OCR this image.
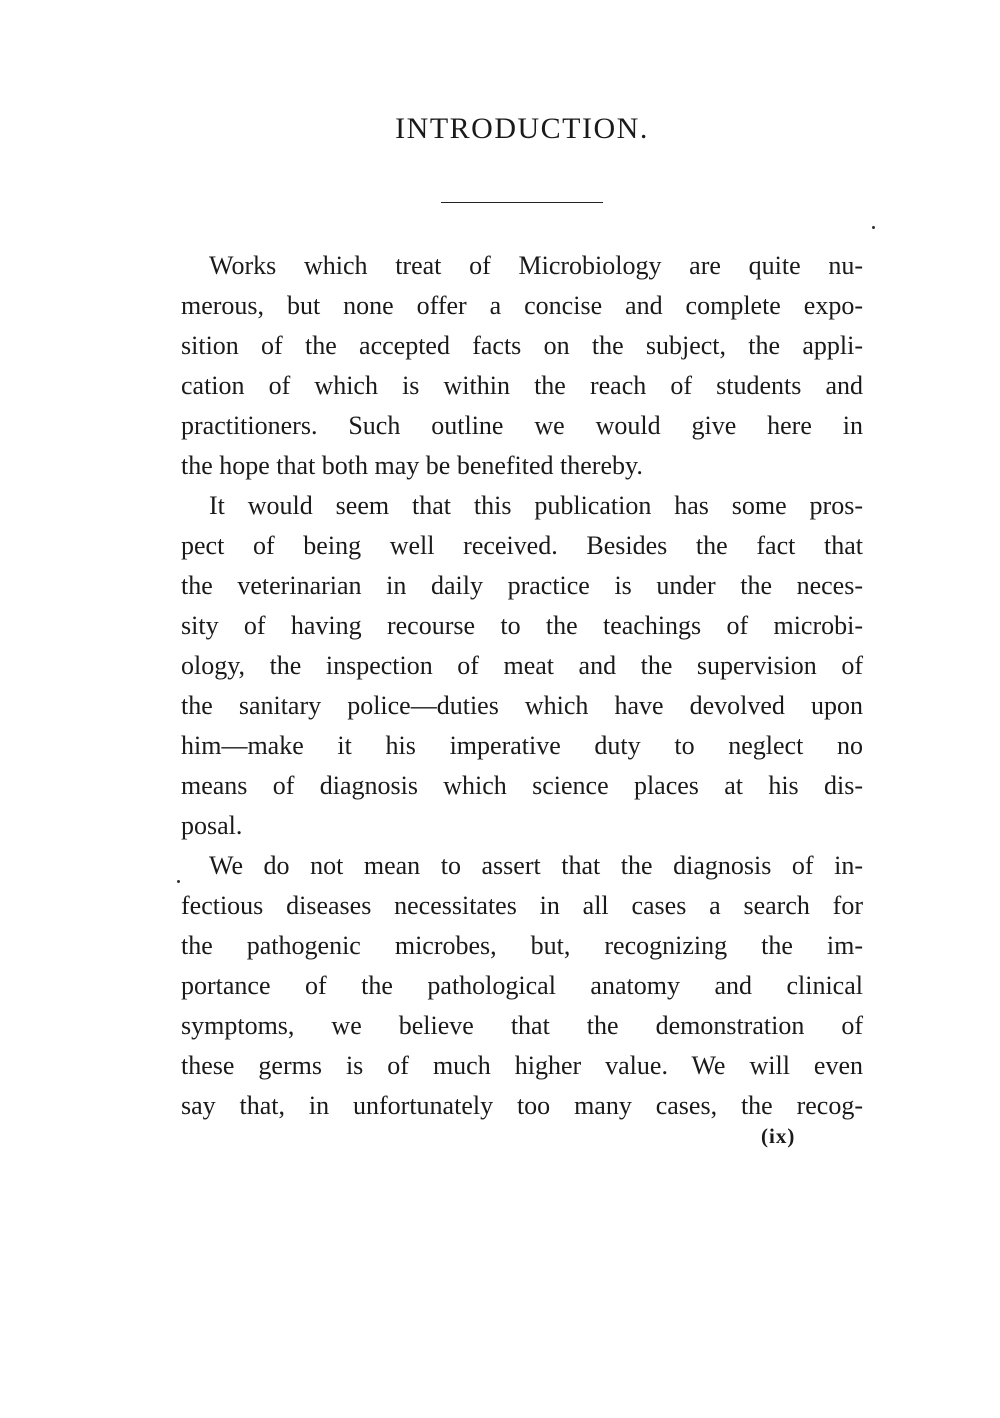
INTRODUCTION.
Works which treat of Microbiology are quite nu-
merous, but none offer a concise and complete expo-
sition of the accepted facts on the subject, the appli-
cation of which is within the reach of students and
practitioners. Such outline we would give here in
the hope that both may be benefited thereby.
It would seem that this publication has some pros-
pect of being well received. Besides the fact that
the veterinarian in daily practice is under the neces-
sity of having recourse to the teachings of microbi-
ology, the inspection of meat and the supervision of
the sanitary police—duties which have devolved upon
him—make it his imperative duty to neglect no
means of diagnosis which science places at his dis-
posal.
We do not mean to assert that the diagnosis of in-
fectious diseases necessitates in all cases a search for
the pathogenic microbes, but, recognizing the im-
portance of the pathological anatomy and clinical
symptoms, we believe that the demonstration of
these germs is of much higher value. We will even
say that, in unfortunately too many cases, the recog-
(ix)
